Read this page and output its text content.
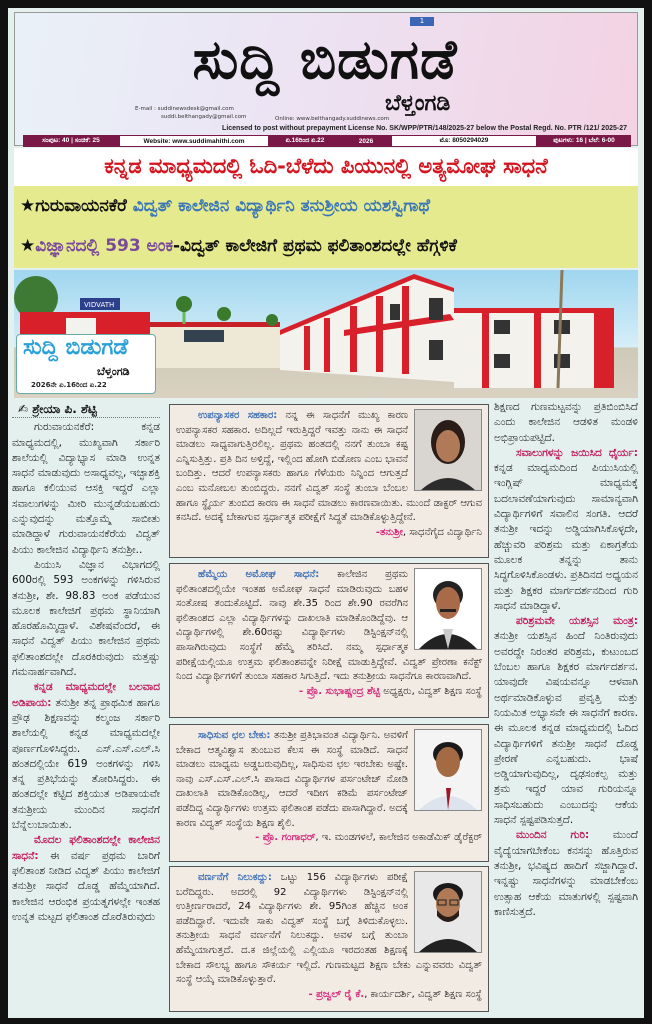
1
ಸುದ್ದಿ ಬಿಡುಗಡೆ
ಬೆಳ್ತಂಗಡಿ
E-mail : suddinewsdesk@gmail.com
suddi.belthangady@gmail.com	Online: www.belthangady.suddinews.com
Licensed to post without prepayment License No. SK/WPP/PTR/148/2025-27 below the Postal Regd. No. PTR /121/ 2025-27
ಸಂಪುಟ: 40 | ಸಂಚಿಕೆ: 25	Website: www.suddimahithi.com	ಏ.16ರಿಂದ ಏ.22	2026	ಮೊ: 8050294029	ಪುಟಗಳು: 16 | ಬೆಲೆ: 6-00
ಕನ್ನಡ ಮಾಧ್ಯಮದಲ್ಲಿ ಓದಿ-ಬೆಳೆದು ಪಿಯುನಲ್ಲಿ ಅತ್ಯಮೋಘ ಸಾಧನೆ
★ಗುರುವಾಯನಕೆರೆ ವಿದ್ವತ್ ಕಾಲೇಜಿನ ವಿದ್ಯಾರ್ಥಿನಿ ತನುಶ್ರೀಯ ಯಶಸ್ವಿಗಾಥೆ
★ವಿಜ್ಞಾನದಲ್ಲಿ 593 ಅಂಕ-ವಿದ್ವತ್ ಕಾಲೇಜಿಗೆ ಪ್ರಥಮ ಫಲಿತಾಂಶದಲ್ಲೇ ಹೆಗ್ಗಳಿಕೆ
VIDVATH
ಸುದ್ದಿ ಬಿಡುಗಡೆ
ಬೆಳ್ತಂಗಡಿ
2026ನೇ ಏ.16ರಿಂದ ಏ.22

✍ ಶ್ರೇಯಾ ಪಿ. ಶೆಟ್ಟಿ

ಗುರುವಾಯನಕೆರೆ: ಕನ್ನಡ ಮಾಧ್ಯಮದಲ್ಲಿ, ಮುಖ್ಯವಾಗಿ ಸರ್ಕಾರಿ ಶಾಲೆಯಲ್ಲಿ ವಿದ್ಯಾಭ್ಯಾಸ ಮಾಡಿ ಉನ್ನತ ಸಾಧನೆ ಮಾಡುವುದು ಅಸಾಧ್ಯವಲ್ಲ, ಇಚ್ಛಾಶಕ್ತಿ ಹಾಗೂ ಕಲಿಯುವ ಆಸಕ್ತಿ ಇದ್ದರೆ ಎಲ್ಲಾ ಸವಾಲುಗಳನ್ನು ಮೀರಿ ಮುನ್ನಡೆಯಬಹುದು ಎನ್ನುವುದನ್ನು ಮತ್ತೊಮ್ಮೆ ಸಾಬೀತು ಮಾಡಿದ್ದಾಳೆ ಗುರುವಾಯನಕೆರೆಯ ವಿದ್ವತ್ ಪಿಯು ಕಾಲೇಜಿನ ವಿದ್ಯಾರ್ಥಿನಿ ತನುಶ್ರೀ..

ಪಿಯುಸಿ ವಿಜ್ಞಾನ ವಿಭಾಗದಲ್ಲಿ 600ರಲ್ಲಿ 593 ಅಂಕಗಳನ್ನು ಗಳಿಸಿರುವ ತನುಶ್ರೀ, ಶೇ. 98.83 ಅಂಕ ಪಡೆಯುವ ಮೂಲಕ ಕಾಲೇಜಿಗೆ ಪ್ರಥಮ ಸ್ಥಾನಿಯಾಗಿ ಹೊರಹೊಮ್ಮಿದ್ದಾಳೆ. ವಿಶೇಷವೆಂದರೆ, ಈ ಸಾಧನೆ ವಿದ್ವತ್ ಪಿಯು ಕಾಲೇಜಿನ ಪ್ರಥಮ ಫಲಿತಾಂಶದಲ್ಲೇ ದೊರಕಿರುವುದು ಮತ್ತಷ್ಟು ಗಮನಾರ್ಹವಾಗಿದೆ.

ಕನ್ನಡ ಮಾಧ್ಯಮದಲ್ಲೇ ಬಲವಾದ ಅಡಿಪಾಯ: ತನುಶ್ರೀ ತನ್ನ ಪ್ರಾಥಮಿಕ ಹಾಗೂ ಪ್ರೌಢ ಶಿಕ್ಷಣವನ್ನು ಕಲ್ಮಂಜ ಸರ್ಕಾರಿ ಶಾಲೆಯಲ್ಲಿ ಕನ್ನಡ ಮಾಧ್ಯಮದಲ್ಲೇ ಪೂರ್ಣಗೊಳಿಸಿದ್ದರು. ಎಸ್.ಎಸ್.ಎಲ್.ಸಿ ಹಂತದಲ್ಲಿಯೇ 619 ಅಂಕಗಳನ್ನು ಗಳಿಸಿ ತನ್ನ ಪ್ರತಿಭೆಯನ್ನು ತೋರಿಸಿದ್ದರು. ಈ ಹಂತದಲ್ಲೇ ಕಟ್ಟಿದ ಶಕ್ತಿಯುತ ಅಡಿಪಾಯವೇ ತನುಶ್ರೀಯ ಮುಂದಿನ ಸಾಧನೆಗೆ ಬೆನ್ನೆಲುಬಾಯಿತು.

ಮೊದಲ ಫಲಿತಾಂಶದಲ್ಲೇ ಕಾಲೇಜಿನ ಸಾಧನೆ: ಈ ವರ್ಷ ಪ್ರಥಮ ಬಾರಿಗೆ ಫಲಿತಾಂಶ ನೀಡಿದ ವಿದ್ವತ್ ಪಿಯು ಕಾಲೇಜಿಗೆ ತನುಶ್ರೀ ಸಾಧನೆ ದೊಡ್ಡ ಹೆಮ್ಮೆಯಾಗಿದೆ. ಕಾಲೇಜಿನ ಆರಂಭಿಕ ಪ್ರಯತ್ನಗಳಲ್ಲೇ ಇಂತಹ ಉನ್ನತ ಮಟ್ಟದ ಫಲಿತಾಂಶ ದೊರೆತಿರುವುದು

ಶಿಕ್ಷಣದ ಗುಣಮಟ್ಟವನ್ನು ಪ್ರತಿಬಿಂಬಿಸಿದೆ ಎಂದು ಕಾಲೇಜಿನ ಆಡಳಿತ ಮಂಡಳಿ ಅಭಿಪ್ರಾಯಪಟ್ಟಿದೆ.

ಸವಾಲುಗಳನ್ನು ಜಯಿಸಿದ ಧೈರ್ಯ: ಕನ್ನಡ ಮಾಧ್ಯಮದಿಂದ ಪಿಯುಸಿಯಲ್ಲಿ ಇಂಗ್ಲಿಷ್ ಮಾಧ್ಯಮಕ್ಕೆ ಬದಲಾವಣೆಯಾಗುವುದು ಸಾಮಾನ್ಯವಾಗಿ ವಿದ್ಯಾರ್ಥಿಗಳಿಗೆ ಸವಾಲಿನ ಸಂಗತಿ. ಆದರೆ ತನುಶ್ರೀ ಇದನ್ನು ಅಡ್ಡಿಯಾಗಿಸಿಕೊಳ್ಳದೇ, ಹೆಚ್ಚುವರಿ ಪರಿಶ್ರಮ ಮತ್ತು ಏಕಾಗ್ರತೆಯ ಮೂಲಕ ತನ್ನನ್ನು ತಾನು ಸಿದ್ಧಗೊಳಿಸಿಕೊಂಡಳು. ಪ್ರತಿದಿನದ ಅಧ್ಯಯನ ಮತ್ತು ಶಿಕ್ಷಕರ ಮಾರ್ಗದರ್ಶನದಿಂದ ಗುರಿ ಸಾಧನೆ ಮಾಡಿದ್ದಾಳೆ.

ಪರಿಶ್ರಮವೇ ಯಶಸ್ಸಿನ ಮಂತ್ರ: ತನುಶ್ರೀ ಯಶಸ್ಸಿನ ಹಿಂದೆ ನಿಂತಿರುವುದು ಅವರದ್ದೇ ನಿರಂತರ ಪರಿಶ್ರಮ, ಕುಟುಂಬದ ಬೆಂಬಲ ಹಾಗೂ ಶಿಕ್ಷಕರ ಮಾರ್ಗದರ್ಶನ. ಯಾವುದೇ ವಿಷಯವನ್ನೂ ಆಳವಾಗಿ ಅರ್ಥಮಾಡಿಕೊಳ್ಳುವ ಪ್ರವೃತ್ತಿ ಮತ್ತು ನಿಯಮಿತ ಅಭ್ಯಾಸವೇ ಈ ಸಾಧನೆಗೆ ಕಾರಣ. ಈ ಮೂಲಕ ಕನ್ನಡ ಮಾಧ್ಯಮದಲ್ಲಿ ಓದಿದ ವಿದ್ಯಾರ್ಥಿಗಳಿಗೆ ತನುಶ್ರೀ ಸಾಧನೆ ದೊಡ್ಡ ಪ್ರೇರಣೆ ಎನ್ನಬಹುದು. ಭಾಷೆ ಅಡ್ಡಿಯಾಗುವುದಿಲ್ಲ, ದೃಢಸಂಕಲ್ಪ ಮತ್ತು ಶ್ರಮ ಇದ್ದರೆ ಯಾವ ಗುರಿಯನ್ನೂ ಸಾಧಿಸಬಹುದು ಎಂಬುದನ್ನು ಆಕೆಯ ಸಾಧನೆ ಸ್ಪಷ್ಟಪಡಿಸುತ್ತದೆ.

ಮುಂದಿನ ಗುರಿ: ಮುಂದೆ ವೈದ್ಯೆಯಾಗಬೇಕೆಂಬ ಕನಸನ್ನು ಹೊತ್ತಿರುವ ತನುಶ್ರೀ, ಭವಿಷ್ಯದ ಹಾದಿಗೆ ಸಜ್ಜಾಗಿದ್ದಾರೆ. ಇನ್ನಷ್ಟು ಸಾಧನೆಗಳನ್ನು ಮಾಡಬೇಕೆಂಬ ಉತ್ಸಾಹ ಆಕೆಯ ಮಾತುಗಳಲ್ಲಿ ಸ್ಪಷ್ಟವಾಗಿ ಕಾಣಿಸುತ್ತದೆ.

ಉಪನ್ಯಾಸಕರ ಸಹಕಾರ: ನನ್ನ ಈ ಸಾಧನೆಗೆ ಮುಖ್ಯ ಕಾರಣ ಉಪನ್ಯಾಸಕರ ಸಹಕಾರ. ಅದಿಲ್ಲದೆ ಇರುತ್ತಿದ್ದರೆ ಇವತ್ತು ನಾನು ಈ ಸಾಧನೆ ಮಾಡಲು ಸಾಧ್ಯವಾಗುತ್ತಿರಲಿಲ್ಲ. ಪ್ರಥಮ ಹಂತದಲ್ಲಿ ನನಗೆ ತುಂಬಾ ಕಷ್ಟ ಎನ್ನಿಸುತ್ತಿತ್ತು. ಪ್ರತಿ ದಿನ ಅಳ್ತಿದ್ದೆ, ಇಲ್ಲಿಂದ ಹೋಗಿ ಬಿಡೋಣ ಎಂಬ ಭಾವನೆ ಬಂದಿತ್ತು. ಆದರೆ ಉಪನ್ಯಾಸಕರು ಹಾಗೂ ಗೆಳೆಯರು ನಿನ್ನಿಂದ ಆಗುತ್ತದೆ ಎಂಬ ಮನೋಬಲ ತುಂಬಿದ್ದರು. ನನಗೆ ವಿದ್ವತ್ ಸಂಸ್ಥೆ ತುಂಬಾ ಬೆಂಬಲ ಹಾಗೂ ಸ್ಥೈರ್ಯ ತುಂಬಿದ ಕಾರಣ ಈ ಸಾಧನೆ ಮಾಡಲು ಕಾರಣವಾಯಿತು. ಮುಂದೆ ಡಾಕ್ಟರ್ ಆಗುವ ಕನಸಿದೆ. ಅದಕ್ಕೆ ಬೇಕಾಗುವ ಸ್ಪರ್ಧಾತ್ಮಕ ಪರೀಕ್ಷೆಗೆ ಸಿದ್ಧತೆ ಮಾಡಿಕೊಳ್ಳುತ್ತಿದ್ದೇನೆ.
-ತನುಶ್ರೀ, ಸಾಧನೆಗೈದ ವಿದ್ಯಾರ್ಥಿನಿ
ಹೆಮ್ಮೆಯ ಅಮೋಘ ಸಾಧನೆ: ಕಾಲೇಜಿನ ಪ್ರಥಮ ಫಲಿತಾಂಶದಲ್ಲಿಯೇ ಇಂತಹ ಅಮೋಘ ಸಾಧನೆ ಮಾಡಿರುವುದು ಬಹಳ ಸಂತೋಷ ತಂದುಕೊಟ್ಟಿದೆ. ನಾವು ಶೇ.35 ರಿಂದ ಶೇ.90 ರವರೆಗಿನ ಫಲಿತಾಂಶದ ಎಲ್ಲಾ ವಿದ್ಯಾರ್ಥಿಗಳನ್ನು ದಾಖಲಾತಿ ಮಾಡಿಕೊಂಡಿದ್ದೆವು. ಆ ವಿದ್ಯಾರ್ಥಿಗಳಲ್ಲಿ ಶೇ.60ರಷ್ಟು ವಿದ್ಯಾರ್ಥಿಗಳು ಡಿಸ್ಟಿಂಕ್ಷನ್‌ನಲ್ಲಿ ಪಾಸಾಗಿರುವುದು ಸಂಸ್ಥೆಗೆ ಹೆಮ್ಮೆ ತರಿಸಿದೆ. ನಮ್ಮ ಸ್ಪರ್ಧಾತ್ಮಕ ಪರೀಕ್ಷೆಯಲ್ಲಿಯೂ ಉತ್ತಮ ಫಲಿತಾಂಶವನ್ನೇ ನಿರೀಕ್ಷೆ ಮಾಡುತ್ತಿದ್ದೇವೆ. ವಿದ್ವತ್ ಪ್ರೇರಣಾ ಕನೆಕ್ಟ್ ನಿಂದ ವಿದ್ಯಾರ್ಥಿಗಳಿಗೆ ತುಂಬಾ ಸಹಕಾರ ಸಿಗುತ್ತಿದೆ. ಇದು ತನುಶ್ರೀಯ ಸಾಧನೆಗೂ ಕಾರಣವಾಗಿದೆ.
- ಪ್ರೊ. ಸುಭಾಷ್ಚಂದ್ರ ಶೆಟ್ಟಿ ಅಧ್ಯಕ್ಷರು, ವಿದ್ವತ್ ಶಿಕ್ಷಣ ಸಂಸ್ಥೆ
ಸಾಧಿಸುವ ಛಲ ಬೇಕು: ತನುಶ್ರೀ ಪ್ರತಿಭಾವಂತ ವಿದ್ಯಾರ್ಥಿನಿ. ಅವಳಿಗೆ ಬೇಕಾದ ಆತ್ಮವಿಶ್ವಾಸ ತುಂಬುವ ಕೆಲಸ ಈ ಸಂಸ್ಥೆ ಮಾಡಿದೆ. ಸಾಧನೆ ಮಾಡಲು ಮಾಧ್ಯಮ ಅಡ್ಡಬರುವುದಿಲ್ಲ, ಸಾಧಿಸುವ ಛಲ ಇರಬೇಕು ಅಷ್ಟೇ. ನಾವು ಎಸ್.ಎಸ್.ಎಲ್.ಸಿ ಪಾಸಾದ ವಿದ್ಯಾರ್ಥಿಗಳ ಪರ್ಸಂಟೇಜ್ ನೋಡಿ ದಾಖಲಾತಿ ಮಾಡಿಕೊಂಡಿಲ್ಲ, ಆದರೆ ಇದೀಗ ಕಡಿಮೆ ಪರ್ಸಂಟೇಜ್ ಪಡೆದಿದ್ದ ವಿದ್ಯಾರ್ಥಿಗಳು ಉತ್ತಮ ಫಲಿತಾಂಶ ಪಡೆದು ಪಾಸಾಗಿದ್ದಾರೆ. ಅದಕ್ಕೆ ಕಾರಣ ವಿದ್ವತ್ ಸಂಸ್ಥೆಯ ಶಿಕ್ಷಣ ಶೈಲಿ.
- ಪ್ರೊ. ಗಂಗಾಧರ್, ಇ. ಮಂಡಗಳಲೆ, ಕಾಲೇಜಿನ ಅಕಾಡೆಮಿಕ್ ಡೈರೆಕ್ಟರ್
ವರ್ಣನೆಗೆ ನಿಲುಕದ್ದು: ಒಟ್ಟು 156 ವಿದ್ಯಾರ್ಥಿಗಳು ಪರೀಕ್ಷೆ ಬರೆದಿದ್ದರು. ಅದರಲ್ಲಿ 92 ವಿದ್ಯಾರ್ಥಿಗಳು ಡಿಸ್ಟಿಂಕ್ಷನ್‌ನಲ್ಲಿ ಉತ್ತೀರ್ಣರಾದರೆ, 24 ವಿದ್ಯಾರ್ಥಿಗಳು ಶೇ. 95ಗಿಂತ ಹೆಚ್ಚಿನ ಅಂಕ ಪಡೆದಿದ್ದಾರೆ. ಇದುವೇ ಸಾಕು ವಿದ್ವತ್ ಸಂಸ್ಥೆ ಬಗ್ಗೆ ತಿಳಿದುಕೊಳ್ಳಲು. ತನುಶ್ರೀಯ ಸಾಧನೆ ವರ್ಣನೆಗೆ ನಿಲುಕದ್ದು. ಅವಳ ಬಗ್ಗೆ ತುಂಬಾ ಹೆಮ್ಮೆಯಾಗುತ್ತದೆ. ದ.ಕ ಜಿಲ್ಲೆಯಲ್ಲಿ ಎಲ್ಲಿಯೂ ಇರದಂತಹ ಶಿಕ್ಷಣಕ್ಕೆ ಬೇಕಾದ ಸೌಲಭ್ಯ ಹಾಗೂ ಸೌಕರ್ಯ ಇಲ್ಲಿದೆ. ಗುಣಮಟ್ಟದ ಶಿಕ್ಷಣ ಬೇಕು ಎನ್ನುವವರು ವಿದ್ವತ್ ಸಂಸ್ಥೆ ಆಯ್ಕೆ ಮಾಡಿಕೊಳ್ಳುತ್ತಾರೆ.
- ಪ್ರಜ್ವಲ್ ರೈ ಕೆ., ಕಾರ್ಯದರ್ಶಿ, ವಿದ್ವತ್ ಶಿಕ್ಷಣ ಸಂಸ್ಥೆ
